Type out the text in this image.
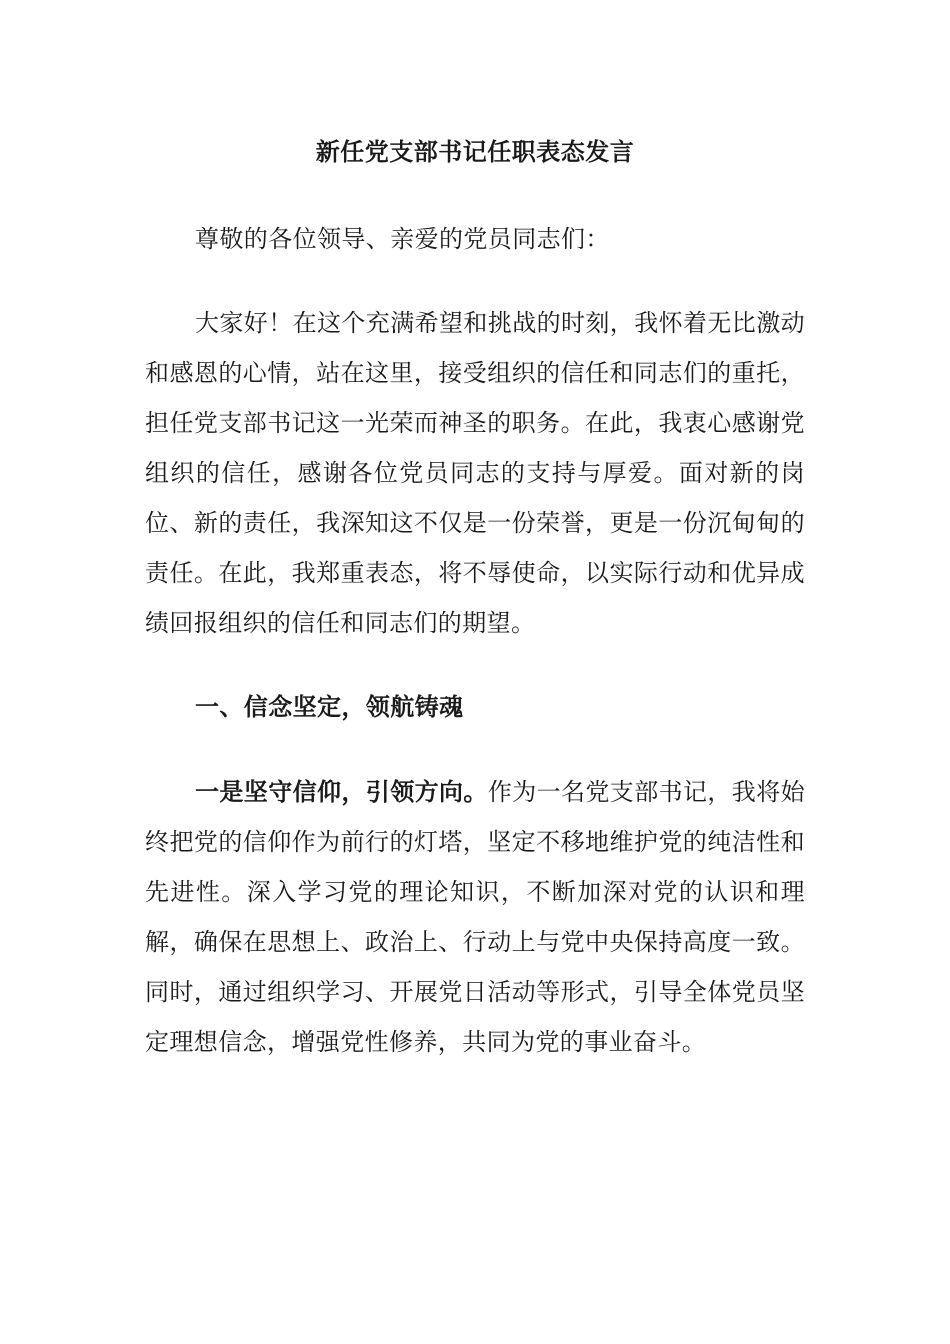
新任党支部书记任职表态发言
尊敬的各位领导、亲爱的党员同志们：
大家好！在这个充满希望和挑战的时刻，我怀着无比激动和感恩的心情，站在这里，接受组织的信任和同志们的重托，担任党支部书记这一光荣而神圣的职务。在此，我衷心感谢党组织的信任，感谢各位党员同志的支持与厚爱。面对新的岗位、新的责任，我深知这不仅是一份荣誉，更是一份沉甸甸的责任。在此，我郑重表态，将不辱使命，以实际行动和优异成绩回报组织的信任和同志们的期望。
一、信念坚定，领航铸魂
一是坚守信仰，引领方向。作为一名党支部书记，我将始终把党的信仰作为前行的灯塔，坚定不移地维护党的纯洁性和先进性。深入学习党的理论知识，不断加深对党的认识和理解，确保在思想上、政治上、行动上与党中央保持高度一致。同时，通过组织学习、开展党日活动等形式，引导全体党员坚定理想信念，增强党性修养，共同为党的事业奋斗。
